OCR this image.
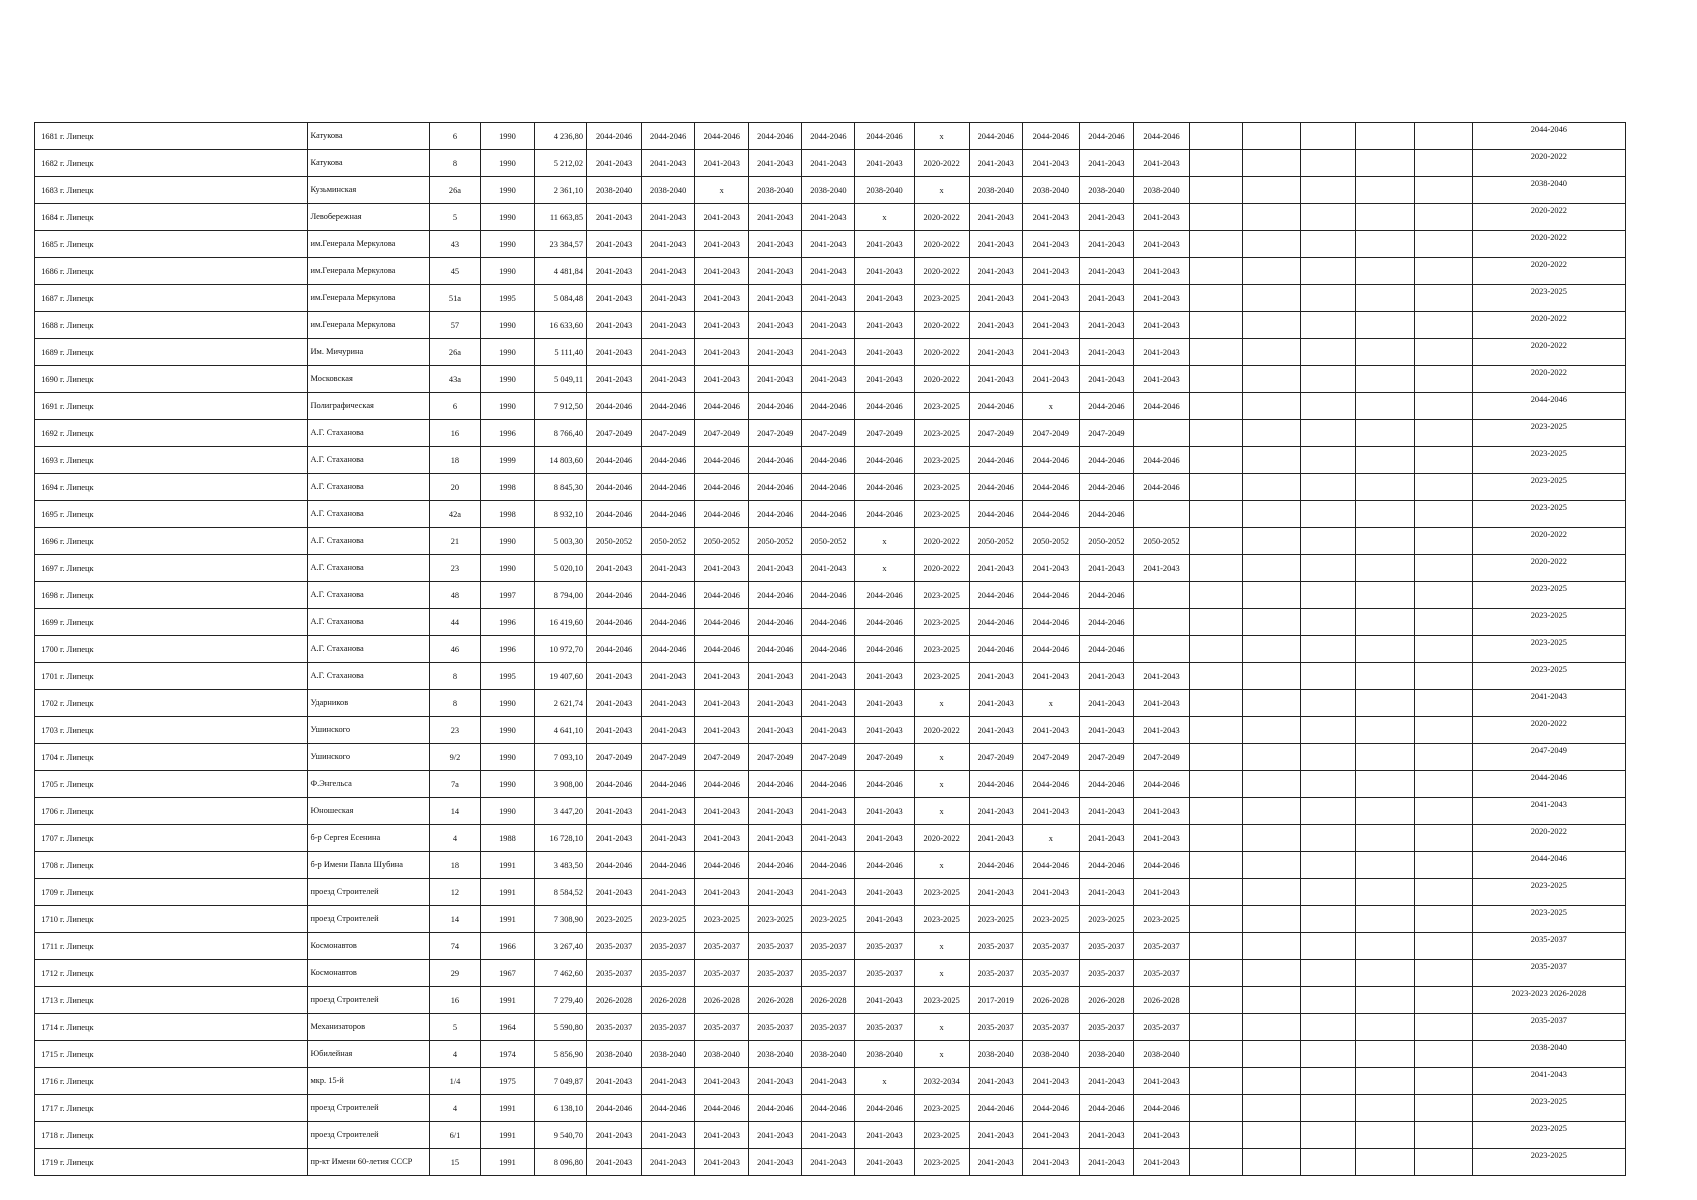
1681	г. Липецк	Катукова	6	1990	4 236,80	2044-2046	2044-2046	2044-2046	2044-2046	2044-2046	2044-2046	x	2044-2046	2044-2046	2044-2046	2044-2046						2044-2046
1682	г. Липецк	Катукова	8	1990	5 212,02	2041-2043	2041-2043	2041-2043	2041-2043	2041-2043	2041-2043	2020-2022	2041-2043	2041-2043	2041-2043	2041-2043						2020-2022
1683	г. Липецк	Кузьминская	26а	1990	2 361,10	2038-2040	2038-2040	x	2038-2040	2038-2040	2038-2040	x	2038-2040	2038-2040	2038-2040	2038-2040						2038-2040
1684	г. Липецк	Левобережная	5	1990	11 663,85	2041-2043	2041-2043	2041-2043	2041-2043	2041-2043	x	2020-2022	2041-2043	2041-2043	2041-2043	2041-2043						2020-2022
1685	г. Липецк	им.Генерала Меркулова	43	1990	23 384,57	2041-2043	2041-2043	2041-2043	2041-2043	2041-2043	2041-2043	2020-2022	2041-2043	2041-2043	2041-2043	2041-2043						2020-2022
1686	г. Липецк	им.Генерала Меркулова	45	1990	4 481,84	2041-2043	2041-2043	2041-2043	2041-2043	2041-2043	2041-2043	2020-2022	2041-2043	2041-2043	2041-2043	2041-2043						2020-2022
1687	г. Липецк	им.Генерала Меркулова	51а	1995	5 084,48	2041-2043	2041-2043	2041-2043	2041-2043	2041-2043	2041-2043	2023-2025	2041-2043	2041-2043	2041-2043	2041-2043						2023-2025
1688	г. Липецк	им.Генерала Меркулова	57	1990	16 633,60	2041-2043	2041-2043	2041-2043	2041-2043	2041-2043	2041-2043	2020-2022	2041-2043	2041-2043	2041-2043	2041-2043						2020-2022
1689	г. Липецк	Им. Мичурина	26а	1990	5 111,40	2041-2043	2041-2043	2041-2043	2041-2043	2041-2043	2041-2043	2020-2022	2041-2043	2041-2043	2041-2043	2041-2043						2020-2022
1690	г. Липецк	Московская	43а	1990	5 049,11	2041-2043	2041-2043	2041-2043	2041-2043	2041-2043	2041-2043	2020-2022	2041-2043	2041-2043	2041-2043	2041-2043						2020-2022
1691	г. Липецк	Полиграфическая	6	1990	7 912,50	2044-2046	2044-2046	2044-2046	2044-2046	2044-2046	2044-2046	2023-2025	2044-2046	x	2044-2046	2044-2046						2044-2046
1692	г. Липецк	А.Г. Стаханова	16	1996	8 766,40	2047-2049	2047-2049	2047-2049	2047-2049	2047-2049	2047-2049	2023-2025	2047-2049	2047-2049	2047-2049							2023-2025
1693	г. Липецк	А.Г. Стаханова	18	1999	14 803,60	2044-2046	2044-2046	2044-2046	2044-2046	2044-2046	2044-2046	2023-2025	2044-2046	2044-2046	2044-2046	2044-2046						2023-2025
1694	г. Липецк	А.Г. Стаханова	20	1998	8 845,30	2044-2046	2044-2046	2044-2046	2044-2046	2044-2046	2044-2046	2023-2025	2044-2046	2044-2046	2044-2046	2044-2046						2023-2025
1695	г. Липецк	А.Г. Стаханова	42а	1998	8 932,10	2044-2046	2044-2046	2044-2046	2044-2046	2044-2046	2044-2046	2023-2025	2044-2046	2044-2046	2044-2046							2023-2025
1696	г. Липецк	А.Г. Стаханова	21	1990	5 003,30	2050-2052	2050-2052	2050-2052	2050-2052	2050-2052	x	2020-2022	2050-2052	2050-2052	2050-2052	2050-2052						2020-2022
1697	г. Липецк	А.Г. Стаханова	23	1990	5 020,10	2041-2043	2041-2043	2041-2043	2041-2043	2041-2043	x	2020-2022	2041-2043	2041-2043	2041-2043	2041-2043						2020-2022
1698	г. Липецк	А.Г. Стаханова	48	1997	8 794,00	2044-2046	2044-2046	2044-2046	2044-2046	2044-2046	2044-2046	2023-2025	2044-2046	2044-2046	2044-2046							2023-2025
1699	г. Липецк	А.Г. Стаханова	44	1996	16 419,60	2044-2046	2044-2046	2044-2046	2044-2046	2044-2046	2044-2046	2023-2025	2044-2046	2044-2046	2044-2046							2023-2025
1700	г. Липецк	А.Г. Стаханова	46	1996	10 972,70	2044-2046	2044-2046	2044-2046	2044-2046	2044-2046	2044-2046	2023-2025	2044-2046	2044-2046	2044-2046							2023-2025
1701	г. Липецк	А.Г. Стаханова	8	1995	19 407,60	2041-2043	2041-2043	2041-2043	2041-2043	2041-2043	2041-2043	2023-2025	2041-2043	2041-2043	2041-2043	2041-2043						2023-2025
1702	г. Липецк	Ударников	8	1990	2 621,74	2041-2043	2041-2043	2041-2043	2041-2043	2041-2043	2041-2043	x	2041-2043	x	2041-2043	2041-2043						2041-2043
1703	г. Липецк	Ушинского	23	1990	4 641,10	2041-2043	2041-2043	2041-2043	2041-2043	2041-2043	2041-2043	2020-2022	2041-2043	2041-2043	2041-2043	2041-2043						2020-2022
1704	г. Липецк	Ушинского	9/2	1990	7 093,10	2047-2049	2047-2049	2047-2049	2047-2049	2047-2049	2047-2049	x	2047-2049	2047-2049	2047-2049	2047-2049						2047-2049
1705	г. Липецк	Ф.Энгельса	7а	1990	3 908,00	2044-2046	2044-2046	2044-2046	2044-2046	2044-2046	2044-2046	x	2044-2046	2044-2046	2044-2046	2044-2046						2044-2046
1706	г. Липецк	Юношеская	14	1990	3 447,20	2041-2043	2041-2043	2041-2043	2041-2043	2041-2043	2041-2043	x	2041-2043	2041-2043	2041-2043	2041-2043						2041-2043
1707	г. Липецк	б-р Сергея Есенина	4	1988	16 728,10	2041-2043	2041-2043	2041-2043	2041-2043	2041-2043	2041-2043	2020-2022	2041-2043	x	2041-2043	2041-2043						2020-2022
1708	г. Липецк	б-р Имени Павла Шубина	18	1991	3 483,50	2044-2046	2044-2046	2044-2046	2044-2046	2044-2046	2044-2046	x	2044-2046	2044-2046	2044-2046	2044-2046						2044-2046
1709	г. Липецк	проезд Строителей	12	1991	8 584,52	2041-2043	2041-2043	2041-2043	2041-2043	2041-2043	2041-2043	2023-2025	2041-2043	2041-2043	2041-2043	2041-2043						2023-2025
1710	г. Липецк	проезд Строителей	14	1991	7 308,90	2023-2025	2023-2025	2023-2025	2023-2025	2023-2025	2041-2043	2023-2025	2023-2025	2023-2025	2023-2025	2023-2025						2023-2025
1711	г. Липецк	Космонавтов	74	1966	3 267,40	2035-2037	2035-2037	2035-2037	2035-2037	2035-2037	2035-2037	x	2035-2037	2035-2037	2035-2037	2035-2037						2035-2037
1712	г. Липецк	Космонавтов	29	1967	7 462,60	2035-2037	2035-2037	2035-2037	2035-2037	2035-2037	2035-2037	x	2035-2037	2035-2037	2035-2037	2035-2037						2035-2037
1713	г. Липецк	проезд Строителей	16	1991	7 279,40	2026-2028	2026-2028	2026-2028	2026-2028	2026-2028	2041-2043	2023-2025	2017-2019	2026-2028	2026-2028	2026-2028						2023-2023 2026-2028
1714	г. Липецк	Механизаторов	5	1964	5 590,80	2035-2037	2035-2037	2035-2037	2035-2037	2035-2037	2035-2037	x	2035-2037	2035-2037	2035-2037	2035-2037						2035-2037
1715	г. Липецк	Юбилейная	4	1974	5 856,90	2038-2040	2038-2040	2038-2040	2038-2040	2038-2040	2038-2040	x	2038-2040	2038-2040	2038-2040	2038-2040						2038-2040
1716	г. Липецк	мкр. 15-й	1/4	1975	7 049,87	2041-2043	2041-2043	2041-2043	2041-2043	2041-2043	x	2032-2034	2041-2043	2041-2043	2041-2043	2041-2043						2041-2043
1717	г. Липецк	проезд Строителей	4	1991	6 138,10	2044-2046	2044-2046	2044-2046	2044-2046	2044-2046	2044-2046	2023-2025	2044-2046	2044-2046	2044-2046	2044-2046						2023-2025
1718	г. Липецк	проезд Строителей	6/1	1991	9 540,70	2041-2043	2041-2043	2041-2043	2041-2043	2041-2043	2041-2043	2023-2025	2041-2043	2041-2043	2041-2043	2041-2043						2023-2025
1719	г. Липецк	пр-кт Имени 60-летия СССР	15	1991	8 096,80	2041-2043	2041-2043	2041-2043	2041-2043	2041-2043	2041-2043	2023-2025	2041-2043	2041-2043	2041-2043	2041-2043						2023-2025
